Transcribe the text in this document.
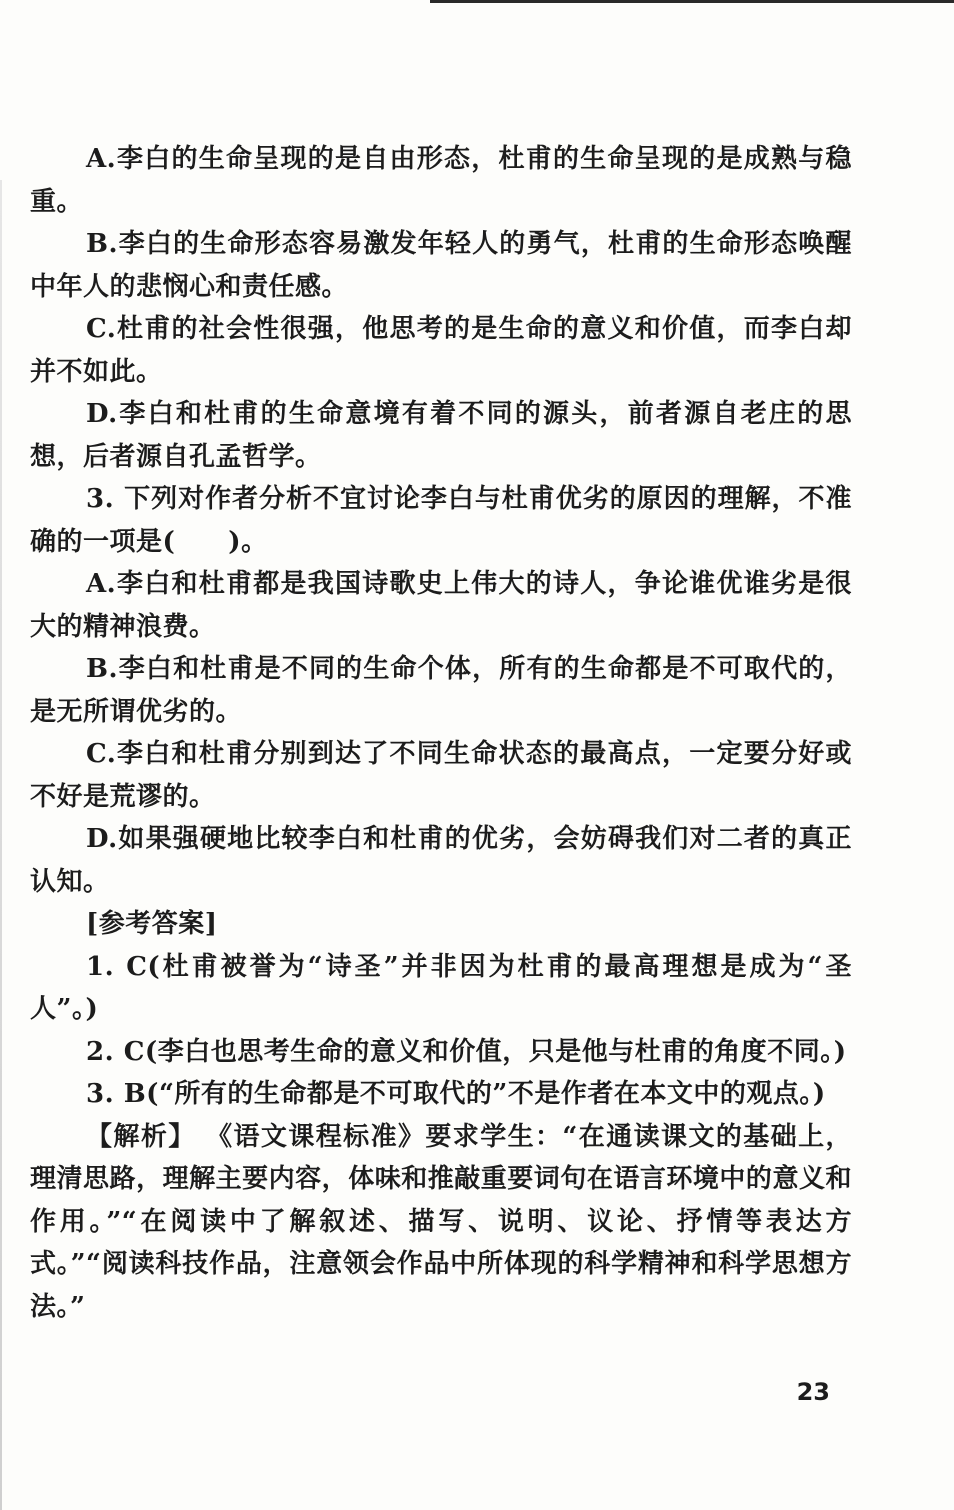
A.李白的生命呈现的是自由形态，杜甫的生命呈现的是成熟与稳重。

B.李白的生命形态容易激发年轻人的勇气，杜甫的生命形态唤醒中年人的悲悯心和责任感。

C.杜甫的社会性很强，他思考的是生命的意义和价值，而李白却并不如此。

D.李白和杜甫的生命意境有着不同的源头，前者源自老庄的思想，后者源自孔孟哲学。

3. 下列对作者分析不宜讨论李白与杜甫优劣的原因的理解，不准确的一项是(　　)。

A.李白和杜甫都是我国诗歌史上伟大的诗人，争论谁优谁劣是很大的精神浪费。

B.李白和杜甫是不同的生命个体，所有的生命都是不可取代的，是无所谓优劣的。

C.李白和杜甫分别到达了不同生命状态的最高点，一定要分好或不好是荒谬的。

D.如果强硬地比较李白和杜甫的优劣，会妨碍我们对二者的真正认知。

[参考答案]

1. C(杜甫被誉为“诗圣”并非因为杜甫的最高理想是成为“圣人”。)

2. C(李白也思考生命的意义和价值，只是他与杜甫的角度不同。)

3. B(“所有的生命都是不可取代的”不是作者在本文中的观点。)

【解析】 《语文课程标准》要求学生：“在通读课文的基础上，理清思路，理解主要内容，体味和推敲重要词句在语言环境中的意义和作用。”“在阅读中了解叙述、描写、说明、议论、抒情等表达方式。”“阅读科技作品，注意领会作品中所体现的科学精神和科学思想方法。”

23
